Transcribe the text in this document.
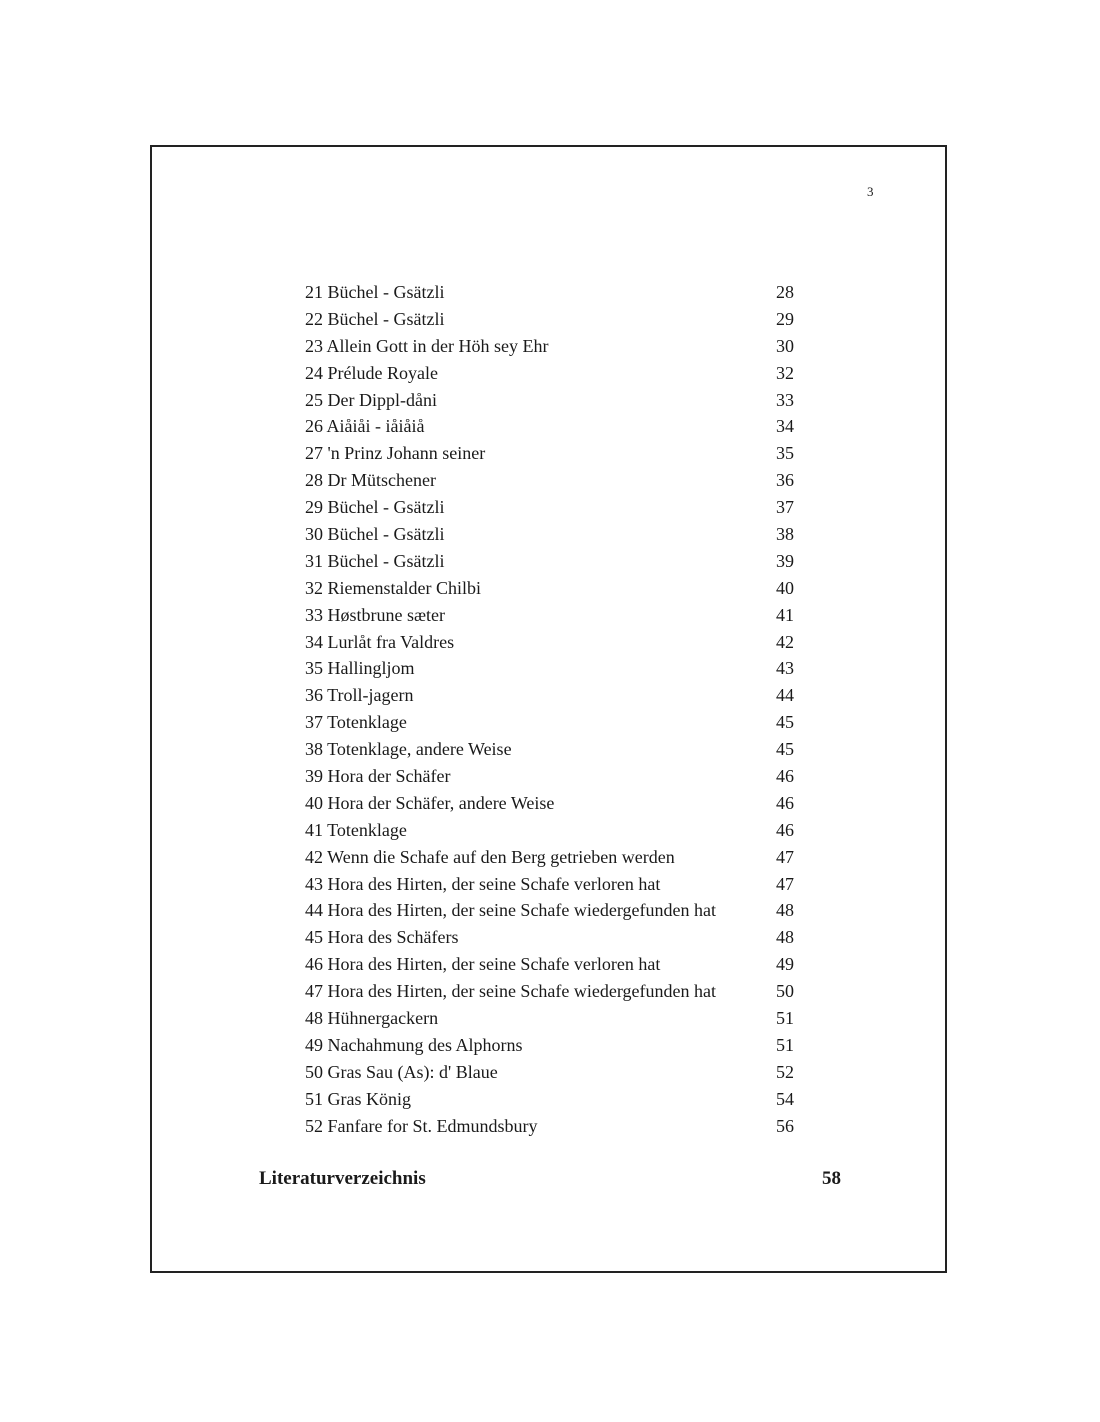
3
21 Büchel - Gsätzli	28
22 Büchel - Gsätzli	29
23 Allein Gott in der Höh sey Ehr	30
24 Prélude Royale	32
25 Der Dippl-dåni	33
26 Aiåiåi - iåiåiå	34
27 'n Prinz Johann seiner	35
28 Dr Mütschener	36
29 Büchel - Gsätzli	37
30 Büchel - Gsätzli	38
31 Büchel - Gsätzli	39
32 Riemenstalder Chilbi	40
33 Høstbrune sæter	41
34 Lurlåt fra Valdres	42
35 Hallingljom	43
36 Troll-jagern	44
37 Totenklage	45
38 Totenklage, andere Weise	45
39 Hora der Schäfer	46
40 Hora der Schäfer, andere Weise	46
41 Totenklage	46
42 Wenn die Schafe auf den Berg getrieben werden	47
43 Hora des Hirten, der seine Schafe verloren hat	47
44 Hora des Hirten, der seine Schafe wiedergefunden hat	48
45 Hora des Schäfers	48
46 Hora des Hirten, der seine Schafe verloren hat	49
47 Hora des Hirten, der seine Schafe wiedergefunden hat	50
48 Hühnergackern	51
49 Nachahmung des Alphorns	51
50 Gras Sau (As): d' Blaue	52
51 Gras König	54
52 Fanfare for St. Edmundsbury	56
Literaturverzeichnis	58
